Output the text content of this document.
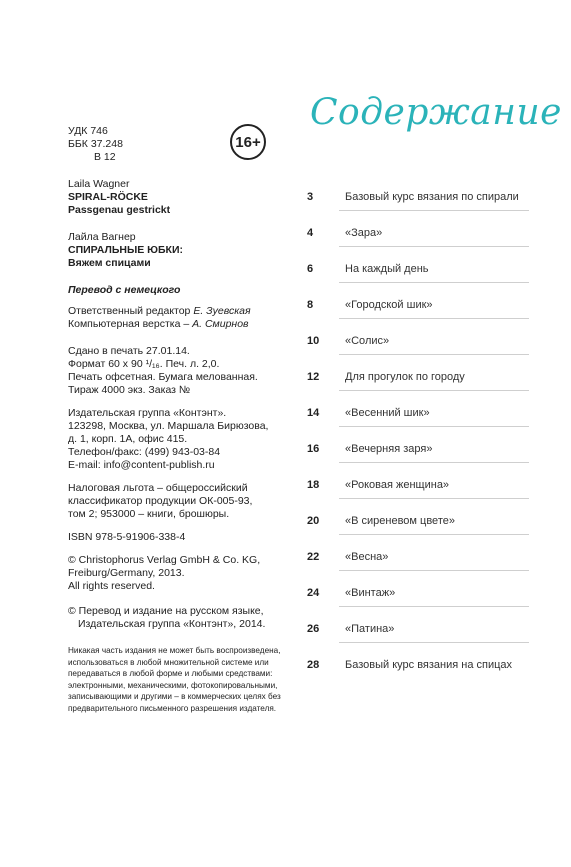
УДК 746
ББК 37.248
В 12
Laila Wagner
SPIRAL-RÖCKE
Passgenau gestrickt
Лайла Вагнер
СПИРАЛЬНЫЕ ЮБКИ:
Вяжем спицами
Перевод с немецкого
Ответственный редактор Е. Зуевская
Компьютерная верстка – А. Смирнов
Сдано в печать 27.01.14.
Формат 60 х 90 ¹/₁₆. Печ. л. 2,0.
Печать офсетная. Бумага мелованная.
Тираж 4000 экз. Заказ №
Издательская группа «Контэнт».
123298, Москва, ул. Маршала Бирюзова,
д. 1, корп. 1А, офис 415.
Телефон/факс: (499) 943-03-84
E-mail: info@content-publish.ru
Налоговая льгота – общероссийский
классификатор продукции ОК-005-93,
том 2; 953000 – книги, брошюры.
ISBN 978-5-91906-338-4
© Christophorus Verlag GmbH & Co. KG,
Freiburg/Germany, 2013.
All rights reserved.
© Перевод и издание на русском языке,
Издательская группа «Контэнт», 2014.
Никакая часть издания не может быть воспроизведена,
использоваться в любой множительной системе или
передаваться в любой форме и любыми средствами:
электронными, механическими, фотокопировальными,
записывающими и другими – в коммерческих целях без
предварительного письменного разрешения издателя.
16+
Содержание
3	Базовый курс вязания по спирали
4	«Зара»
6	На каждый день
8	«Городской шик»
10	«Солис»
12	Для прогулок по городу
14	«Весенний шик»
16	«Вечерняя заря»
18	«Роковая женщина»
20	«В сиреневом цвете»
22	«Весна»
24	«Винтаж»
26	«Патина»
28	Базовый курс вязания на спицах
